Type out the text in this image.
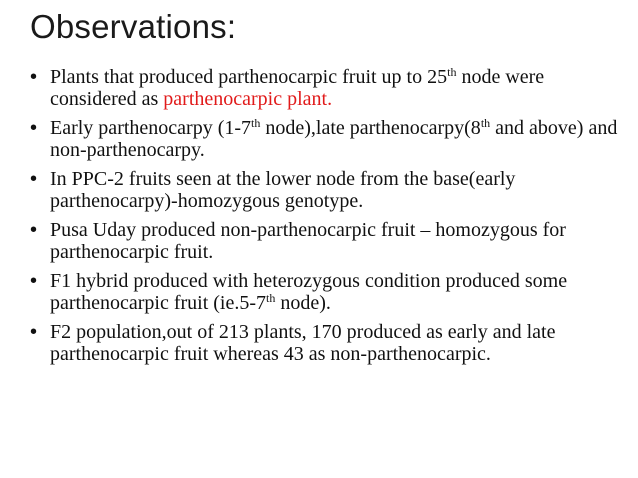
Observations:
• Plants that produced parthenocarpic fruit up to 25th node were considered as parthenocarpic plant.
• Early parthenocarpy (1-7th node),late parthenocarpy(8th and above) and non-parthenocarpy.
• In PPC-2 fruits seen at the lower node from the base(early parthenocarpy)-homozygous genotype.
• Pusa Uday produced non-parthenocarpic fruit – homozygous for parthenocarpic fruit.
• F1 hybrid produced with heterozygous condition produced some parthenocarpic fruit (ie.5-7th node).
• F2 population,out of 213 plants, 170 produced as early and late parthenocarpic fruit whereas 43 as non-parthenocarpic.
